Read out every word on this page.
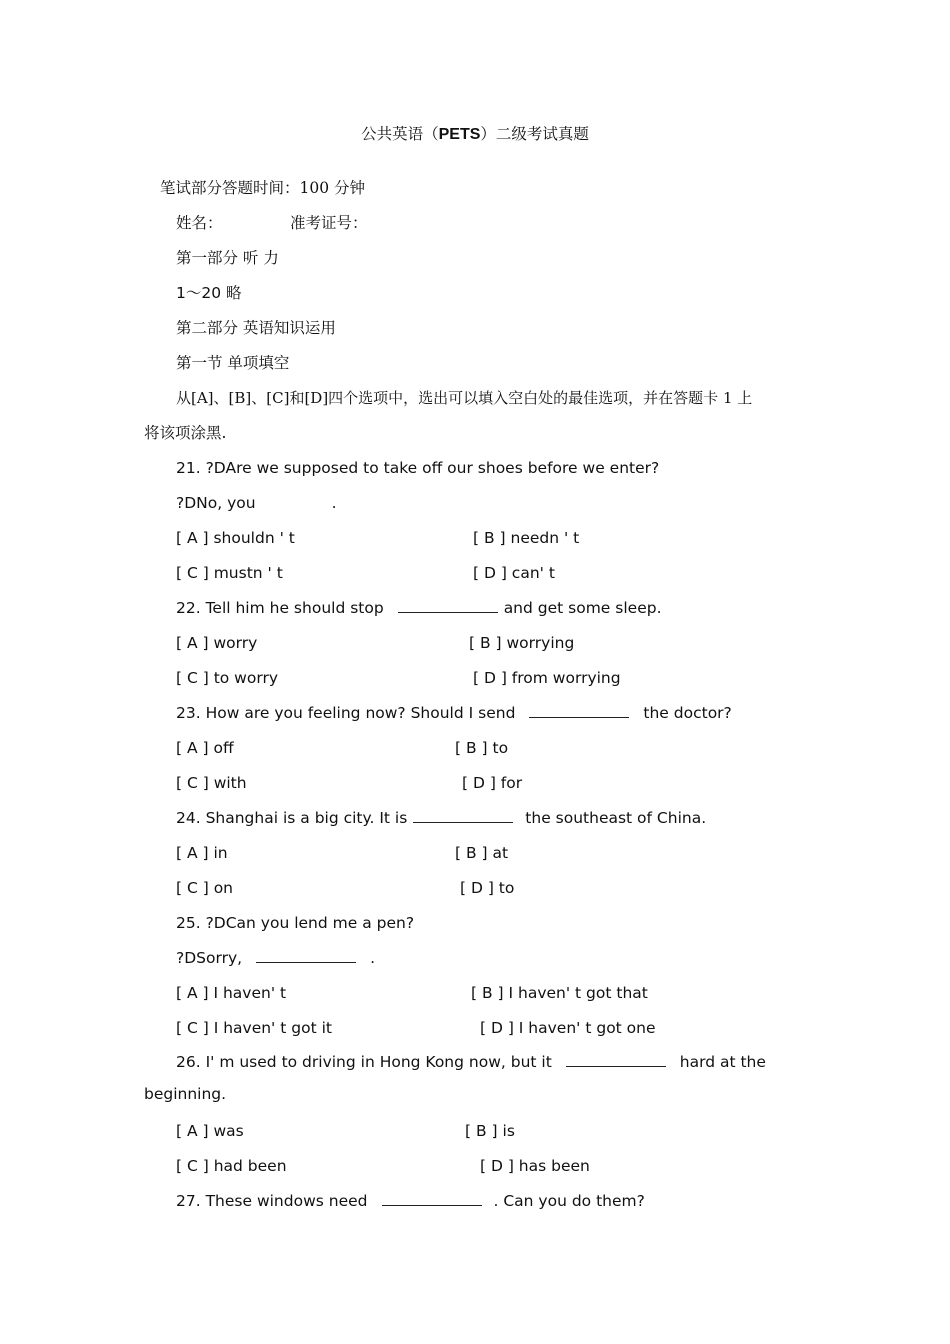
公共英语（PETS）二级考试真题
笔试部分答题时间：100 分钟
姓名：	准考证号：
第一部分 听 力
1～20 略
第二部分 英语知识运用
第一节 单项填空
从[A]、[B]、[C]和[D]四个选项中，选出可以填入空白处的最佳选项，并在答题卡 1 上
将该项涂黑.
21. ?DAre we supposed to take off our shoes before we enter?
?DNo, you	.
[ A ] shouldn ' t	[ B ] needn ' t
[ C ] mustn ' t	[ D ] can' t
22. Tell him he should stop	and get some sleep.
[ A ] worry	[ B ] worrying
[ C ] to worry	[ D ] from worrying
23. How are you feeling now? Should I send	the doctor?
[ A ] off	[ B ] to
[ C ] with	[ D ] for
24. Shanghai is a big city. It is	the southeast of China.
[ A ] in	[ B ] at
[ C ] on	[ D ] to
25. ?DCan you lend me a pen?
?DSorry,	.
[ A ] I haven' t	[ B ] I haven' t got that
[ C ] I haven' t got it	[ D ] I haven' t got one
26. I' m used to driving in Hong Kong now, but it	hard at the
beginning.
[ A ] was	[ B ] is
[ C ] had been	[ D ] has been
27. These windows need	. Can you do them?
